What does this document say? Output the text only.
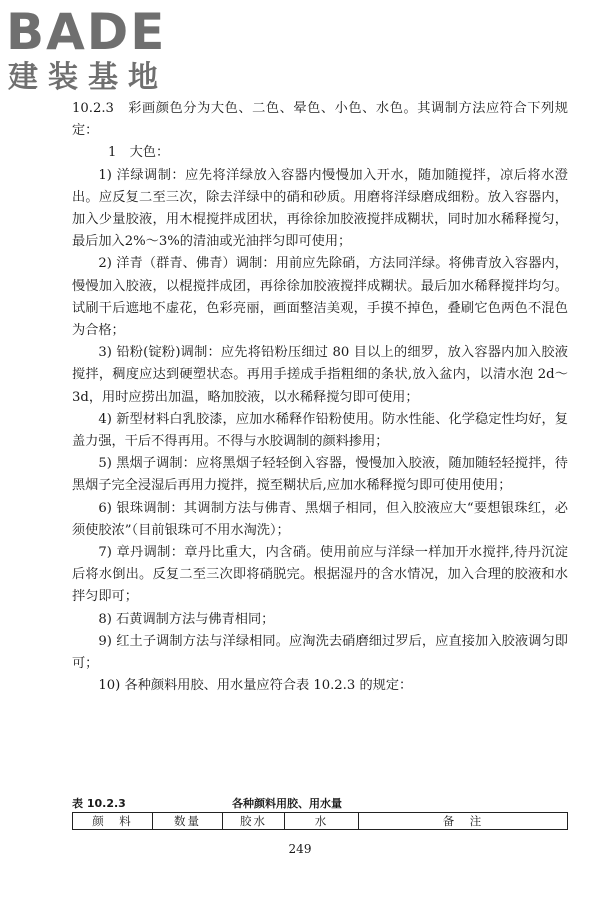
BADE
建装基地

10.2.3　彩画颜色分为大色、二色、晕色、小色、水色。其调制方法应符合下列规定：

1　大色：

1) 洋绿调制：应先将洋绿放入容器内慢慢加入开水，随加随搅拌，凉后将水澄出。应反复二至三次，除去洋绿中的硝和砂质。用磨将洋绿磨成细粉。放入容器内，加入少量胶液，用木棍搅拌成团状，再徐徐加胶液搅拌成糊状，同时加水稀释搅匀，最后加入2%～3%的清油或光油拌匀即可使用；

2) 洋青（群青、佛青）调制：用前应先除硝，方法同洋绿。将佛青放入容器内，慢慢加入胶液，以棍搅拌成团，再徐徐加胶液搅拌成糊状。最后加水稀释搅拌均匀。试刷干后遮地不虚花，色彩亮丽，画面整洁美观，手摸不掉色，叠刷它色两色不混色为合格；

3) 铅粉(锭粉)调制：应先将铅粉压细过 80 目以上的细罗，放入容器内加入胶液搅拌，稠度应达到硬塑状态。再用手搓成手指粗细的条状,放入盆内，以清水泡 2d～3d，用时应捞出加温，略加胶液，以水稀释搅匀即可使用；

4) 新型材料白乳胶漆，应加水稀释作铅粉使用。防水性能、化学稳定性均好，复盖力强，干后不得再用。不得与水胶调制的颜料掺用；

5) 黑烟子调制：应将黑烟子轻轻倒入容器，慢慢加入胶液，随加随轻轻搅拌，待黑烟子完全浸湿后再用力搅拌，搅至糊状后,应加水稀释搅匀即可使用使用；

6) 银珠调制：其调制方法与佛青、黑烟子相同，但入胶液应大“要想银珠红，必须使胶浓”（目前银珠可不用水淘洗）；

7) 章丹调制：章丹比重大，内含硝。使用前应与洋绿一样加开水搅拌,待丹沉淀后将水倒出。反复二至三次即将硝脱完。根据湿丹的含水情况，加入合理的胶液和水拌匀即可；

8) 石黄调制方法与佛青相同；

9) 红土子调制方法与洋绿相同。应淘洗去硝磨细过罗后，应直接加入胶液调匀即可；

10) 各种颜料用胶、用水量应符合表 10.2.3 的规定：

表 10.2.3	各种颜料用胶、用水量
颜　料	数量	胶水	水	备　注
249
